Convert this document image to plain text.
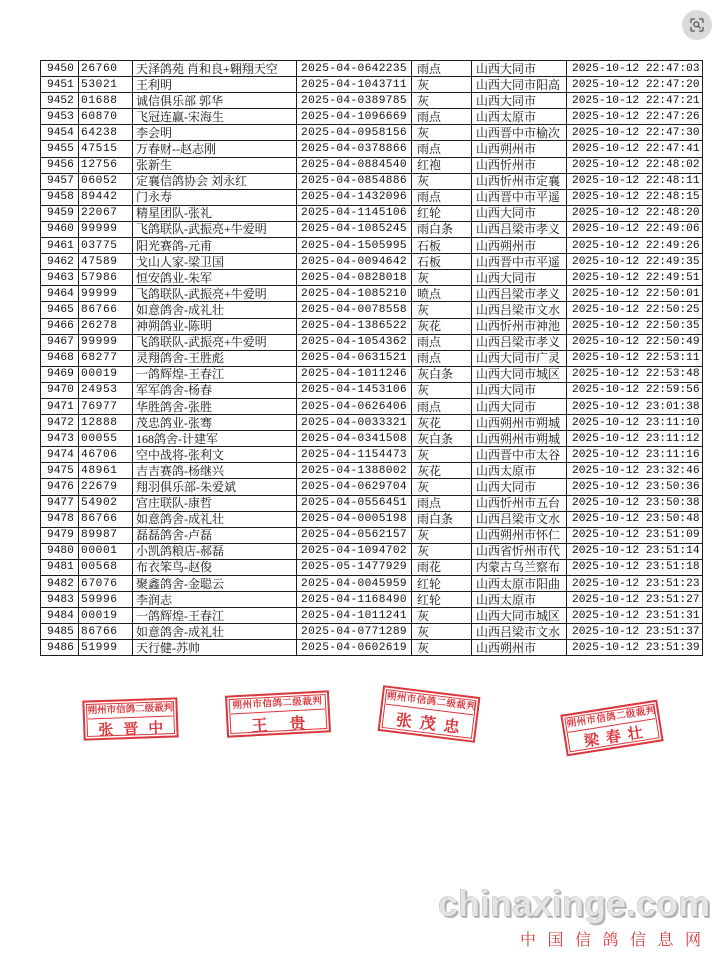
9450	26760	天泽鸽苑 肖和良+翱翔天空	2025-04-0642235	雨点	山西大同市	2025-10-12 22:47:03
9451	53021	王利明	2025-04-1043711	灰	山西大同市阳高	2025-10-12 22:47:20
9452	01688	诚信俱乐部 郭华	2025-04-0389785	灰	山西大同市	2025-10-12 22:47:21
9453	60870	飞冠连赢-宋海生	2025-04-1096669	雨点	山西太原市	2025-10-12 22:47:26
9454	64238	李会明	2025-04-0958156	灰	山西晋中市榆次	2025-10-12 22:47:30
9455	47515	万春财--赵志刚	2025-04-0378866	雨点	山西朔州市	2025-10-12 22:47:41
9456	12756	张新生	2025-04-0884540	红袍	山西忻州市	2025-10-12 22:48:02
9457	06052	定襄信鸽协会 刘永红	2025-04-0854886	灰	山西忻州市定襄	2025-10-12 22:48:11
9458	89442	门永寿	2025-04-1432096	雨点	山西晋中市平遥	2025-10-12 22:48:15
9459	22067	精星团队-张礼	2025-04-1145106	红轮	山西大同市	2025-10-12 22:48:20
9460	99999	飞鸽联队-武振亮+牛爱明	2025-04-1085245	雨白条	山西吕梁市孝义	2025-10-12 22:49:06
9461	03775	阳光赛鸽-元甫	2025-04-1505995	石板	山西朔州市	2025-10-12 22:49:26
9462	47589	戈山人家-梁卫国	2025-04-0094642	石板	山西晋中市平遥	2025-10-12 22:49:35
9463	57986	恒安鸽业-朱军	2025-04-0828018	灰	山西大同市	2025-10-12 22:49:51
9464	99999	飞鸽联队-武振亮+牛爱明	2025-04-1085210	喷点	山西吕梁市孝义	2025-10-12 22:50:01
9465	86766	如意鸽舍-成礼壮	2025-04-0078558	灰	山西吕梁市文水	2025-10-12 22:50:25
9466	26278	神朔鸽业-陈明	2025-04-1386522	灰花	山西忻州市神池	2025-10-12 22:50:35
9467	99999	飞鸽联队-武振亮+牛爱明	2025-04-1054362	雨点	山西吕梁市孝义	2025-10-12 22:50:49
9468	68277	灵翔鸽舍-王胜彪	2025-04-0631521	雨点	山西大同市广灵	2025-10-12 22:53:11
9469	00019	一鸽辉煌-王春江	2025-04-1011246	灰白条	山西大同市城区	2025-10-12 22:53:48
9470	24953	军军鸽舍-杨春	2025-04-1453106	灰	山西大同市	2025-10-12 22:59:56
9471	76977	华胜鸽舍-张胜	2025-04-0626406	雨点	山西大同市	2025-10-12 23:01:38
9472	12888	茂忠鸽业-张骞	2025-04-0033321	灰花	山西朔州市朔城	2025-10-12 23:11:10
9473	00055	168鸽舍-计建军	2025-04-0341508	灰白条	山西朔州市朔城	2025-10-12 23:11:12
9474	46706	空中战将-张利文	2025-04-1154473	灰	山西晋中市太谷	2025-10-12 23:11:16
9475	48961	吉吉赛鸽-杨继兴	2025-04-1388002	灰花	山西太原市	2025-10-12 23:32:46
9476	22679	翔羽俱乐部-朱爱斌	2025-04-0629704	灰	山西大同市	2025-10-12 23:50:36
9477	54902	宫庄联队-康哲	2025-04-0556451	雨点	山西忻州市五台	2025-10-12 23:50:38
9478	86766	如意鸽舍-成礼壮	2025-04-0005198	雨白条	山西吕梁市文水	2025-10-12 23:50:48
9479	89987	磊磊鸽舍-卢磊	2025-04-0562157	灰	山西朔州市怀仁	2025-10-12 23:51:09
9480	00001	小凯鸽粮店-郝磊	2025-04-1094702	灰	山西省忻州市代	2025-10-12 23:51:14
9481	00568	布衣笨鸟-赵俊	2025-05-1477929	雨花	内蒙古乌兰察布	2025-10-12 23:51:18
9482	67076	聚鑫鸽舍-金聪云	2025-04-0045959	红轮	山西太原市阳曲	2025-10-12 23:51:23
9483	59996	李润志	2025-04-1168490	红轮	山西太原市	2025-10-12 23:51:27
9484	00019	一鸽辉煌-王春江	2025-04-1011241	灰	山西大同市城区	2025-10-12 23:51:31
9485	86766	如意鸽舍-成礼壮	2025-04-0771289	灰	山西吕梁市文水	2025-10-12 23:51:37
9486	51999	天行健-苏帅	2025-04-0602619	灰	山西朔州市	2025-10-12 23:51:39
朔州市信鸽二级裁判
张晋中
朔州市信鸽二级裁判
王贵
朔州市信鸽二级裁判
张茂忠	朔州市信鸽二级裁判
梁春壮
chinaxinge.com
中国信鸽信息网
